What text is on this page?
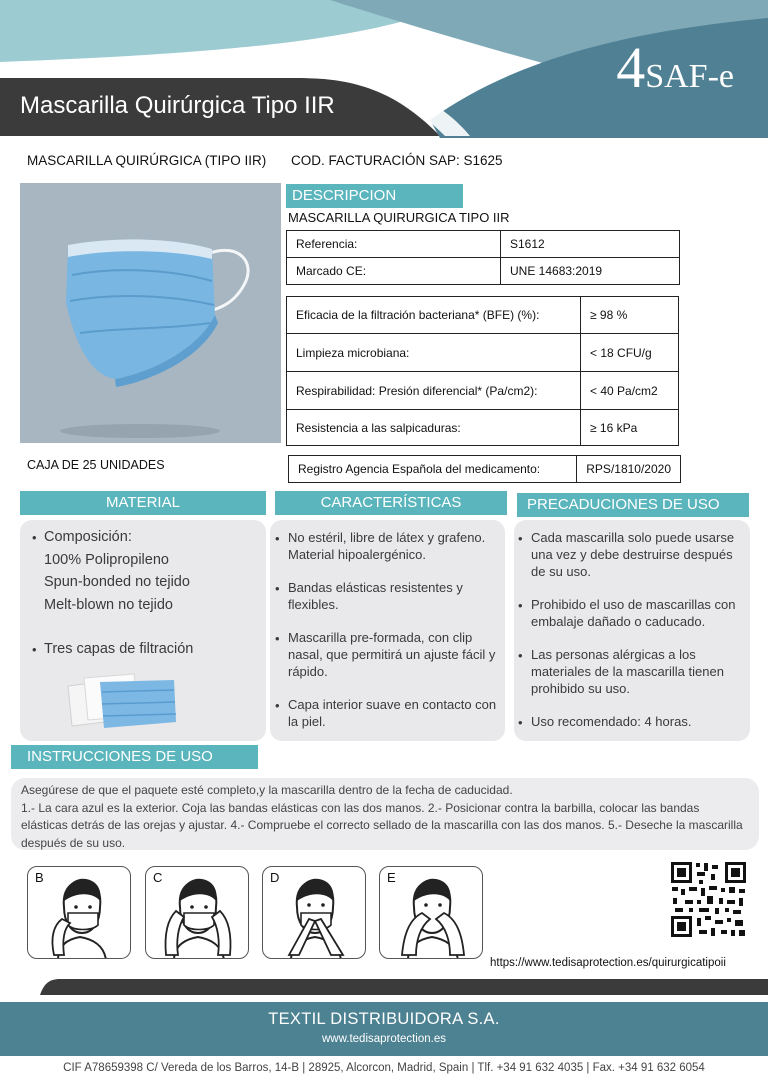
Mascarilla Quirúrgica Tipo IIR
4SAF-e
MASCARILLA QUIRÚRGICA (TIPO IIR) COD. FACTURACIÓN SAP: S1625
DESCRIPCION
MASCARILLA QUIRURGICA TIPO IIR
Referencia:	S1612
Marcado CE:	UNE 14683:2019
Eficacia de la filtración bacteriana* (BFE) (%):	≥ 98 %
Limpieza microbiana:	< 18 CFU/g
Respirabilidad: Presión diferencial* (Pa/cm2):	< 40 Pa/cm2
Resistencia a las salpicaduras:	≥ 16 kPa
Registro Agencia Española del medicamento:	RPS/1810/2020
CAJA DE 25 UNIDADES
MATERIAL	CARACTERÍSTICAS	PRECADUCIONES DE USO
• Composición:
100% Polipropileno
Spun-bonded no tejido
Melt-blown no tejido
• Tres capas de filtración
• No estéril, libre de látex y grafeno. Material hipoalergénico.
• Bandas elásticas resistentes y flexibles.
• Mascarilla pre-formada, con clip nasal, que permitirá un ajuste fácil y rápido.
• Capa interior suave en contacto con la piel.
• Cada mascarilla solo puede usarse una vez y debe destruirse después de su uso.
• Prohibido el uso de mascarillas con embalaje dañado o caducado.
• Las personas alérgicas a los materiales de la mascarilla tienen prohibido su uso.
• Uso recomendado: 4 horas.
INSTRUCCIONES DE USO
Asegúrese de que el paquete esté completo,y la mascarilla dentro de la fecha de caducidad.
1.- La cara azul es la exterior. Coja las bandas elásticas con las dos manos. 2.- Posicionar contra la barbilla, colocar las bandas elásticas detrás de las orejas y ajustar. 4.- Compruebe el correcto sellado de la mascarilla con las dos manos. 5.- Deseche la mascarilla después de su uso.
B	C	D	E
https://www.tedisaprotection.es/quirurgicatipoii
TEXTIL DISTRIBUIDORA S.A.
www.tedisaprotection.es
CIF A78659398 C/ Vereda de los Barros, 14-B | 28925, Alcorcon, Madrid, Spain | Tlf. +34 91 632 4035 | Fax. +34 91 632 6054
